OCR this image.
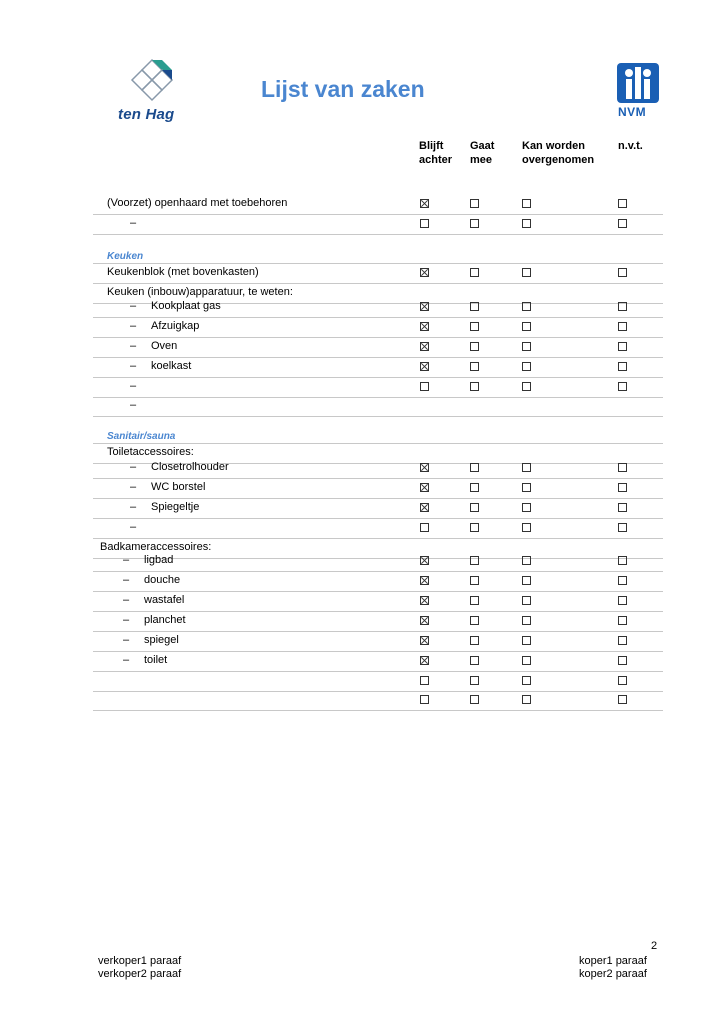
ten Hag
Lijst van zaken
NVM
Blijft
achter
Gaat
mee
Kan worden
overgenomen
n.v.t.
(Voorzet) openhaard met toebehoren
–
Keuken
Keukenblok (met bovenkasten)
Keuken (inbouw)apparatuur, te weten:
– Kookplaat gas
– Afzuigkap
– Oven
– koelkast
–
–
Sanitair/sauna
Toiletaccessoires:
– Closetrolhouder
– WC borstel
– Spiegeltje
–
Badkameraccessoires:
– ligbad
– douche
– wastafel
– planchet
– spiegel
– toilet
2
verkoper1 paraaf
verkoper2 paraaf
koper1 paraaf
koper2 paraaf
